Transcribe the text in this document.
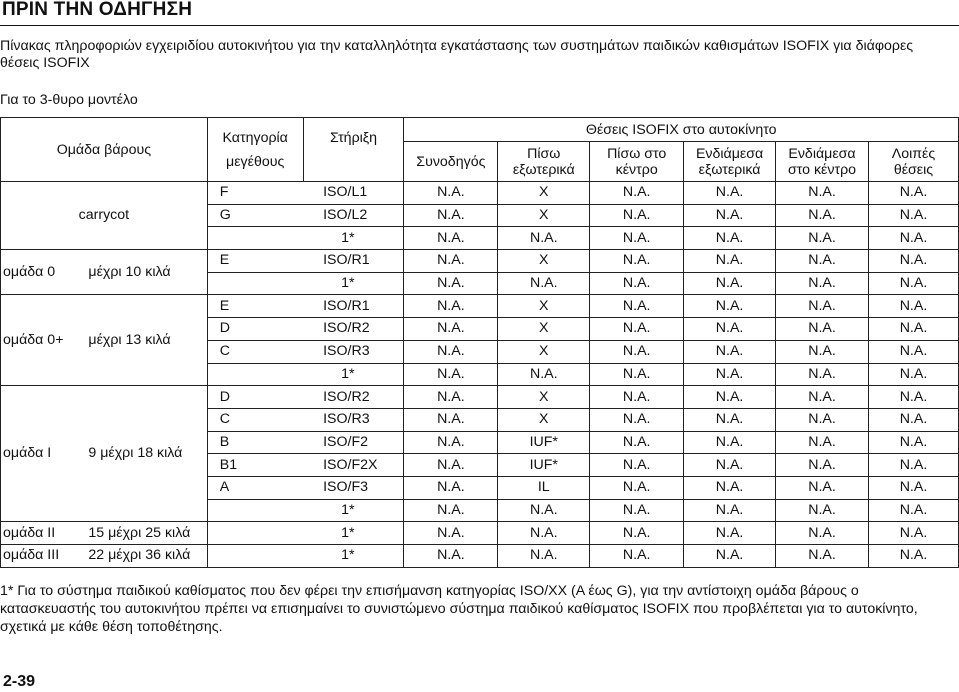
ΠΡΙΝ ΤΗΝ ΟΔΗΓΗΣΗ
Πίνακας πληροφοριών εγχειριδίου αυτοκινήτου για την καταλληλότητα εγκατάστασης των συστημάτων παιδικών καθισμάτων ISOFIX για διάφορες θέσεις ISOFIX
Για το 3-θυρο μοντέλο
Ομάδα βάρους		Κατηγορία μεγέθους	Στήριξη	Θέσεις ISOFIX στο αυτοκίνητο					
				Συνοδηγός	Πίσω εξωτερικά	Πίσω στο κέντρο	Ενδιάμεσα εξωτερικά	Ενδιάμεσα στο κέντρο	Λοιπές θέσεις
carrycot		F	ISO/L1	N.A.	X	N.A.	N.A.	N.A.	N.A.
		G	ISO/L2	N.A.	X	N.A.	N.A.	N.A.	N.A.
			1*	N.A.	N.A.	N.A.	N.A.	N.A.	N.A.
ομάδα 0	μέχρι 10 κιλά	E	ISO/R1	N.A.	X	N.A.	N.A.	N.A.	N.A.
			1*	N.A.	N.A.	N.A.	N.A.	N.A.	N.A.
ομάδα 0+	μέχρι 13 κιλά	E	ISO/R1	N.A.	X	N.A.	N.A.	N.A.	N.A.
		D	ISO/R2	N.A.	X	N.A.	N.A.	N.A.	N.A.
		C	ISO/R3	N.A.	X	N.A.	N.A.	N.A.	N.A.
			1*	N.A.	N.A.	N.A.	N.A.	N.A.	N.A.
ομάδα I	9 μέχρι 18 κιλά	D	ISO/R2	N.A.	X	N.A.	N.A.	N.A.	N.A.
		C	ISO/R3	N.A.	X	N.A.	N.A.	N.A.	N.A.
		B	ISO/F2	N.A.	IUF*	N.A.	N.A.	N.A.	N.A.
		B1	ISO/F2X	N.A.	IUF*	N.A.	N.A.	N.A.	N.A.
		A	ISO/F3	N.A.	IL	N.A.	N.A.	N.A.	N.A.
			1*	N.A.	N.A.	N.A.	N.A.	N.A.	N.A.
ομάδα II	15 μέχρι 25 κιλά		1*	N.A.	N.A.	N.A.	N.A.	N.A.	N.A.
ομάδα III	22 μέχρι 36 κιλά		1*	N.A.	N.A.	N.A.	N.A.	N.A.	N.A.
1* Για το σύστημα παιδικού καθίσματος που δεν φέρει την επισήμανση κατηγορίας ISO/XX (A έως G), για την αντίστοιχη ομάδα βάρους ο κατασκευαστής του αυτοκινήτου πρέπει να επισημαίνει το συνιστώμενο σύστημα παιδικού καθίσματος ISOFIX που προβλέπεται για το αυτοκίνητο, σχετικά με κάθε θέση τοποθέτησης.
2-39
